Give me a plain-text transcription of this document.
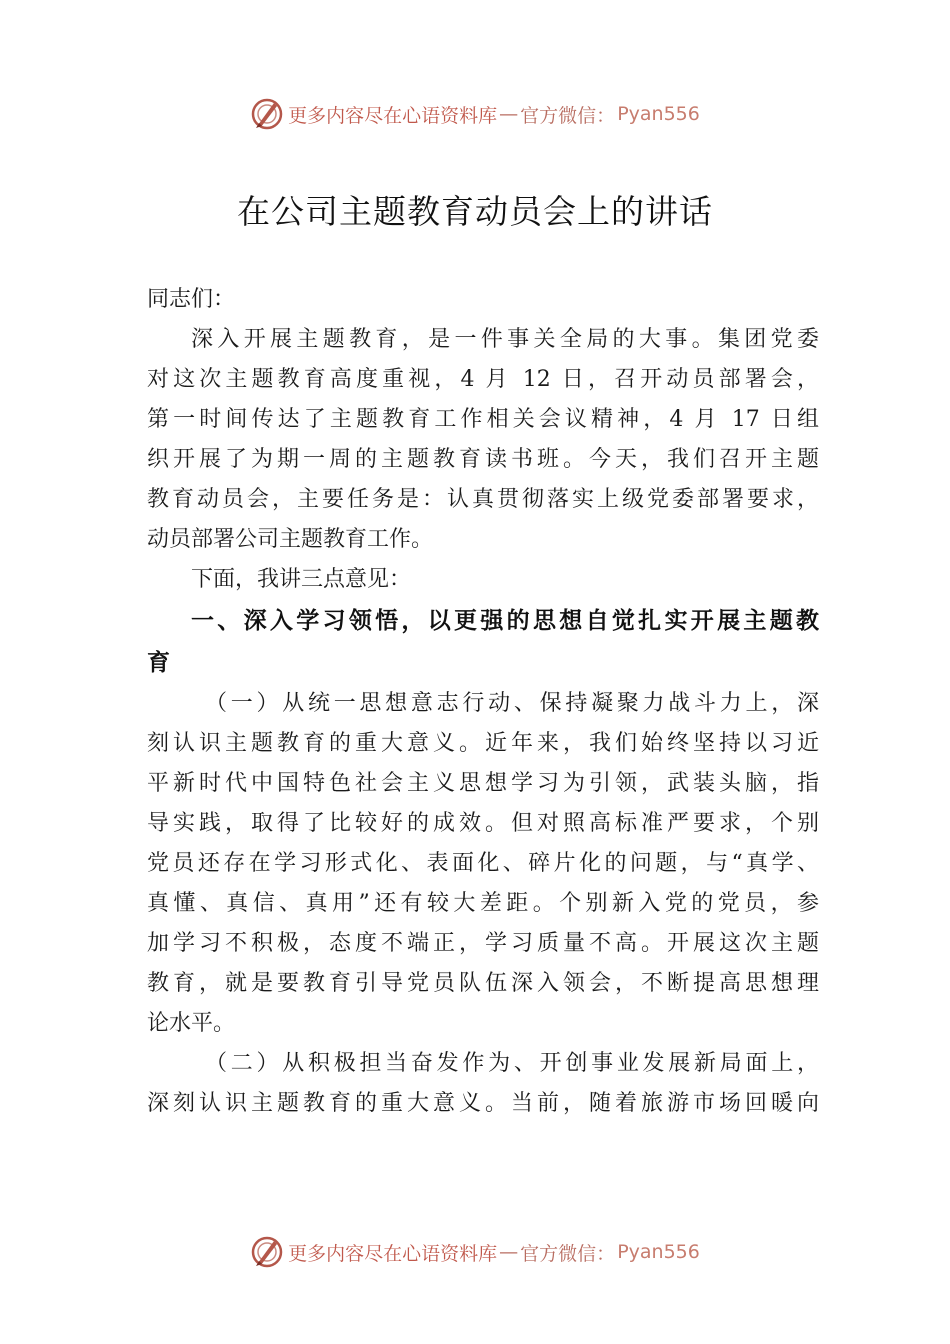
更多内容尽在心语资料库 — 官方微信： Pyan556
在公司主题教育动员会上的讲话
同志们：
深入开展主题教育，是一件事关全局的大事。集团党委
对这次主题教育高度重视，4 月 12 日，召开动员部署会，
第一时间传达了主题教育工作相关会议精神，4 月 17 日组
织开展了为期一周的主题教育读书班。今天，我们召开主题
教育动员会，主要任务是：认真贯彻落实上级党委部署要求，
动员部署公司主题教育工作。
下面，我讲三点意见：
一、深入学习领悟，以更强的思想自觉扎实开展主题教
育
（一）从统一思想意志行动、保持凝聚力战斗力上，深
刻认识主题教育的重大意义。近年来，我们始终坚持以习近
平新时代中国特色社会主义思想学习为引领，武装头脑，指
导实践，取得了比较好的成效。但对照高标准严要求，个别
党员还存在学习形式化、表面化、碎片化的问题，与“真学、
真懂、真信、真用”还有较大差距。个别新入党的党员，参
加学习不积极，态度不端正，学习质量不高。开展这次主题
教育，就是要教育引导党员队伍深入领会，不断提高思想理
论水平。
（二）从积极担当奋发作为、开创事业发展新局面上，
深刻认识主题教育的重大意义。当前，随着旅游市场回暖向
更多内容尽在心语资料库 — 官方微信： Pyan556
